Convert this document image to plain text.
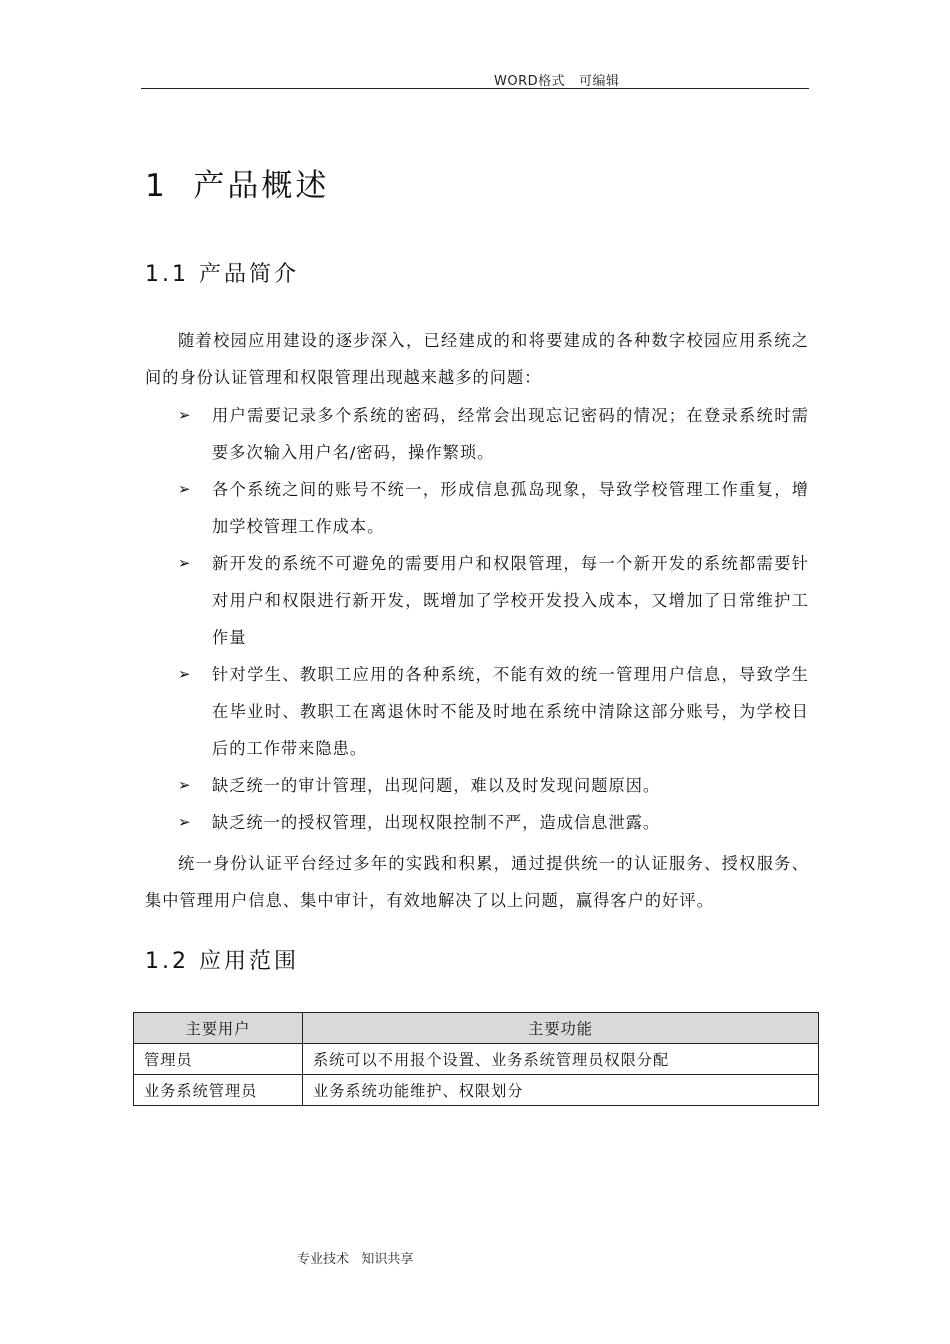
WORD格式   可编辑
1  产品概述
1.1 产品简介
随着校园应用建设的逐步深入，已经建成的和将要建成的各种数字校园应用系统之间的身份认证管理和权限管理出现越来越多的问题：
➢ 用户需要记录多个系统的密码，经常会出现忘记密码的情况；在登录系统时需要多次输入用户名/密码，操作繁琐。
➢ 各个系统之间的账号不统一，形成信息孤岛现象，导致学校管理工作重复，增加学校管理工作成本。
➢ 新开发的系统不可避免的需要用户和权限管理，每一个新开发的系统都需要针对用户和权限进行新开发，既增加了学校开发投入成本，又增加了日常维护工作量
➢ 针对学生、教职工应用的各种系统，不能有效的统一管理用户信息，导致学生在毕业时、教职工在离退休时不能及时地在系统中清除这部分账号，为学校日后的工作带来隐患。
➢ 缺乏统一的审计管理，出现问题，难以及时发现问题原因。
➢ 缺乏统一的授权管理，出现权限控制不严，造成信息泄露。
统一身份认证平台经过多年的实践和积累，通过提供统一的认证服务、授权服务、集中管理用户信息、集中审计，有效地解决了以上问题，赢得客户的好评。
1.2 应用范围
主要用户	主要功能
管理员	系统可以不用报个设置、业务系统管理员权限分配
业务系统管理员	业务系统功能维护、权限划分
专业技术   知识共享
